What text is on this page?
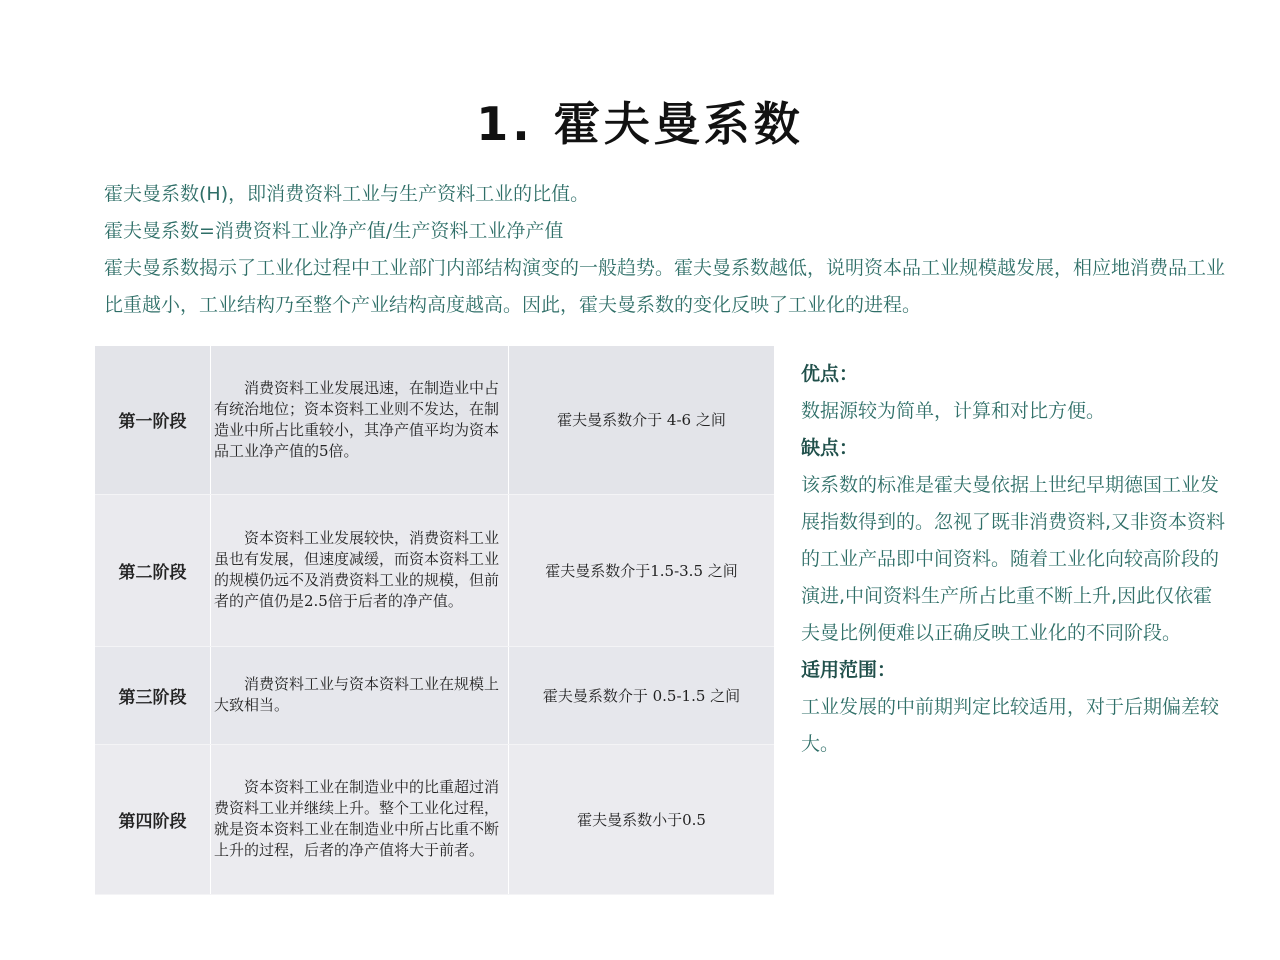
1. 霍夫曼系数

霍夫曼系数(H)，即消费资料工业与生产资料工业的比值。

霍夫曼系数=消费资料工业净产值/生产资料工业净产值

霍夫曼系数揭示了工业化过程中工业部门内部结构演变的一般趋势。霍夫曼系数越低，说明资本品工业规模越发展，相应地消费品工业比重越小，工业结构乃至整个产业结构高度越高。因此，霍夫曼系数的变化反映了工业化的进程。

第一阶段	消费资料工业发展迅速，在制造业中占有统治地位；资本资料工业则不发达，在制造业中所占比重较小，其净产值平均为资本品工业净产值的5倍。	霍夫曼系数介于 4-6 之间
第二阶段	资本资料工业发展较快，消费资料工业虽也有发展，但速度减缓，而资本资料工业的规模仍远不及消费资料工业的规模，但前者的产值仍是2.5倍于后者的净产值。	霍夫曼系数介于1.5-3.5 之间
第三阶段	消费资料工业与资本资料工业在规模上大致相当。	霍夫曼系数介于 0.5-1.5 之间
第四阶段	资本资料工业在制造业中的比重超过消费资料工业并继续上升。整个工业化过程，就是资本资料工业在制造业中所占比重不断上升的过程，后者的净产值将大于前者。	霍夫曼系数小于0.5

优点：

数据源较为简单，计算和对比方便。

缺点：

该系数的标准是霍夫曼依据上世纪早期德国工业发展指数得到的。忽视了既非消费资料,又非资本资料的工业产品即中间资料。随着工业化向较高阶段的演进,中间资料生产所占比重不断上升,因此仅依霍夫曼比例便难以正确反映工业化的不同阶段。

适用范围：

工业发展的中前期判定比较适用，对于后期偏差较大。
